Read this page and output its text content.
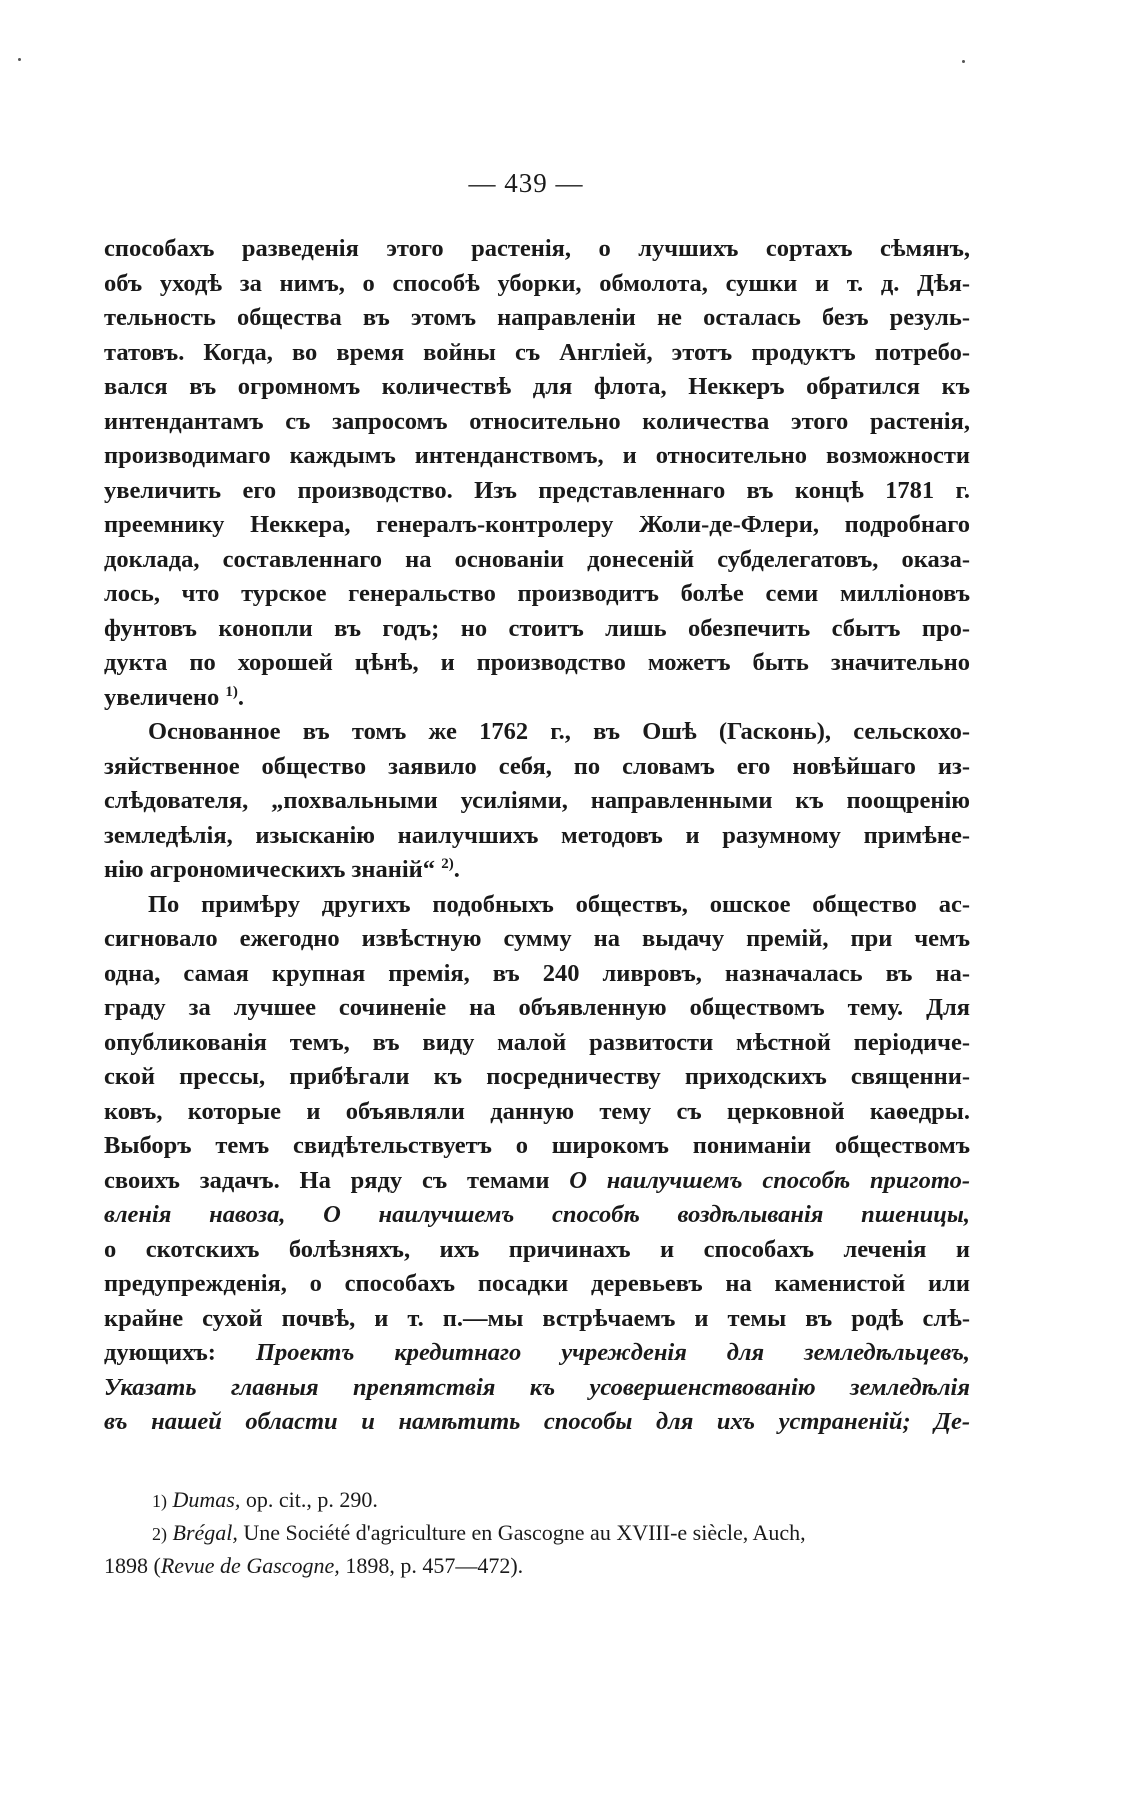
— 439 —
способахъ разведенія этого растенія, о лучшихъ сортахъ сѣмянъ,
объ уходѣ за нимъ, о способѣ уборки, обмолота, сушки и т. д. Дѣя-
тельность общества въ этомъ направленіи не осталась безъ резуль-
татовъ. Когда, во время войны съ Англіей, этотъ продуктъ потребо-
вался въ огромномъ количествѣ для флота, Неккеръ обратился къ
интендантамъ съ запросомъ относительно количества этого растенія,
производимаго каждымъ интенданствомъ, и относительно возможности
увеличить его производство. Изъ представленнаго въ концѣ 1781 г.
преемнику Неккера, генералъ-контролеру Жоли-де-Флери, подробнаго
доклада, составленнаго на основаніи донесеній субделегатовъ, оказа-
лось, что турское генеральство производитъ болѣе семи милліоновъ
фунтовъ конопли въ годъ; но стоитъ лишь обезпечить сбытъ про-
дукта по хорошей цѣнѣ, и производство можетъ быть значительно
увеличено $^{1)}$.
Основанное въ томъ же 1762 г., въ Ошѣ (Гасконь), сельскохо-
зяйственное общество заявило себя, по словамъ его новѣйшаго из-
слѣдователя, „похвальными усиліями, направленными къ поощренію
земледѣлія, изысканію наилучшихъ методовъ и разумному примѣне-
нію агрономическихъ знаній“ $^{2)}$.
По примѣру другихъ подобныхъ обществъ, ошское общество ас-
сигновало ежегодно извѣстную сумму на выдачу премій, при чемъ
одна, самая крупная премія, въ 240 ливровъ, назначалась въ на-
граду за лучшее сочиненіе на объявленную обществомъ тему. Для
опубликованія темъ, въ виду малой развитости мѣстной періодиче-
ской прессы, прибѣгали къ посредничеству приходскихъ священни-
ковъ, которые и объявляли данную тему съ церковной каѳедры.
Выборъ темъ свидѣтельствуетъ о широкомъ пониманіи обществомъ
своихъ задачъ. На ряду съ темами О наилучшемъ способѣ пригото-
вленія навоза, О наилучшемъ способѣ воздѣлыванія пшеницы,
о скотскихъ болѣзняхъ, ихъ причинахъ и способахъ леченія и
предупрежденія, о способахъ посадки деревьевъ на каменистой или
крайне сухой почвѣ, и т. п.—мы встрѣчаемъ и темы въ родѣ слѣ-
дующихъ: Проектъ кредитнаго учрежденія для земледѣльцевъ,
Указать главныя препятствія къ усовершенствованію земледѣлія
въ нашей области и намѣтить способы для ихъ устраненій; Де-
1) Dumas, op. cit., p. 290.
2) Brégal, Une Société d'agriculture en Gascogne au XVIII-e siècle, Auch,
1898 (Revue de Gascogne, 1898, p. 457—472).
